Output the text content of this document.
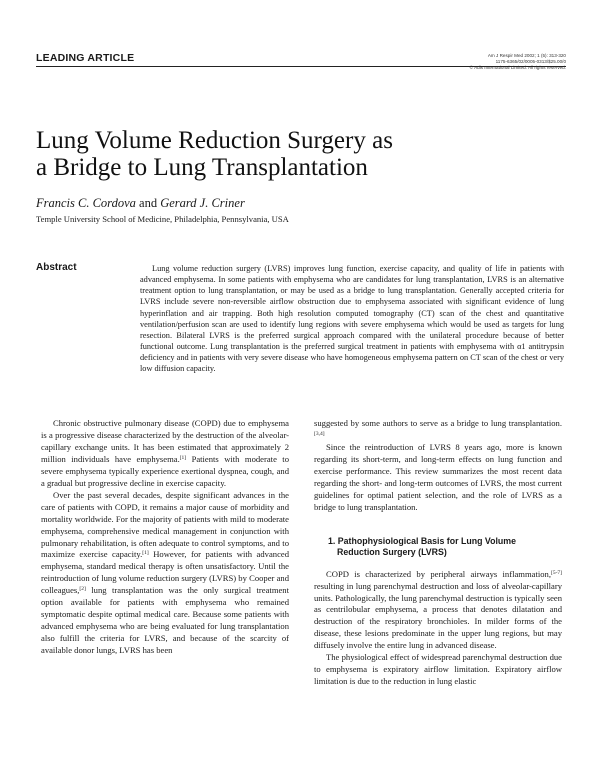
LEADING ARTICLE	Am J Respir Med 2002; 1 (5): 313-320
1175-6365/02/0005-0313/$25.00/0
© Adis International Limited. All rights reserved.
Lung Volume Reduction Surgery as
a Bridge to Lung Transplantation
Francis C. Cordova and Gerard J. Criner
Temple University School of Medicine, Philadelphia, Pennsylvania, USA
Abstract	Lung volume reduction surgery (LVRS) improves lung function, exercise capacity, and quality of life in patients with advanced emphysema. In some patients with emphysema who are candidates for lung transplantation, LVRS is an alternative treatment option to lung transplantation, or may be used as a bridge to lung transplantation. Generally accepted criteria for LVRS include severe non-reversible airflow obstruction due to emphysema associated with significant evidence of lung hyperinflation and air trapping. Both high resolution computed tomography (CT) scan of the chest and quantitative ventilation/perfusion scan are used to identify lung regions with severe emphysema which would be used as targets for lung resection. Bilateral LVRS is the preferred surgical approach compared with the unilateral procedure because of better functional outcome. Lung transplantation is the preferred surgical treatment in patients with emphysema with α1 antitrypsin deficiency and in patients with very severe disease who have homogeneous emphysema pattern on CT scan of the chest or very low diffusion capacity.

Chronic obstructive pulmonary disease (COPD) due to emphysema is a progressive disease characterized by the destruction of the alveolar-capillary exchange units. It has been estimated that approximately 2 million individuals have emphysema.[1] Patients with moderate to severe emphysema typically experience exertional dyspnea, cough, and a gradual but progressive decline in exercise capacity.

Over the past several decades, despite significant advances in the care of patients with COPD, it remains a major cause of morbidity and mortality worldwide. For the majority of patients with mild to moderate emphysema, comprehensive medical management in conjunction with pulmonary rehabilitation, is often adequate to control symptoms, and to maximize exercise capacity.[1] However, for patients with advanced emphysema, standard medical therapy is often unsatisfactory. Until the reintroduction of lung volume reduction surgery (LVRS) by Cooper and colleagues,[2] lung transplantation was the only surgical treatment option available for patients with emphysema who remained symptomatic despite optimal medical care. Because some patients with advanced emphysema who are being evaluated for lung transplantation also fulfill the criteria for LVRS, and because of the scarcity of available donor lungs, LVRS has been

suggested by some authors to serve as a bridge to lung transplantation.[3,4]

Since the reintroduction of LVRS 8 years ago, more is known regarding its short-term, and long-term effects on lung function and exercise performance. This review summarizes the most recent data regarding the short- and long-term outcomes of LVRS, the most current guidelines for optimal patient selection, and the role of LVRS as a bridge to lung transplantation.

1. Pathophysiological Basis for Lung Volume
Reduction Surgery (LVRS)

COPD is characterized by peripheral airways inflammation,[5-7] resulting in lung parenchymal destruction and loss of alveolar-capillary units. Pathologically, the lung parenchymal destruction is typically seen as centrilobular emphysema, a process that denotes dilatation and destruction of the respiratory bronchioles. In milder forms of the disease, these lesions predominate in the upper lung regions, but may diffusely involve the entire lung in advanced disease.

The physiological effect of widespread parenchymal destruction due to emphysema is expiratory airflow limitation. Expiratory airflow limitation is due to the reduction in lung elastic
